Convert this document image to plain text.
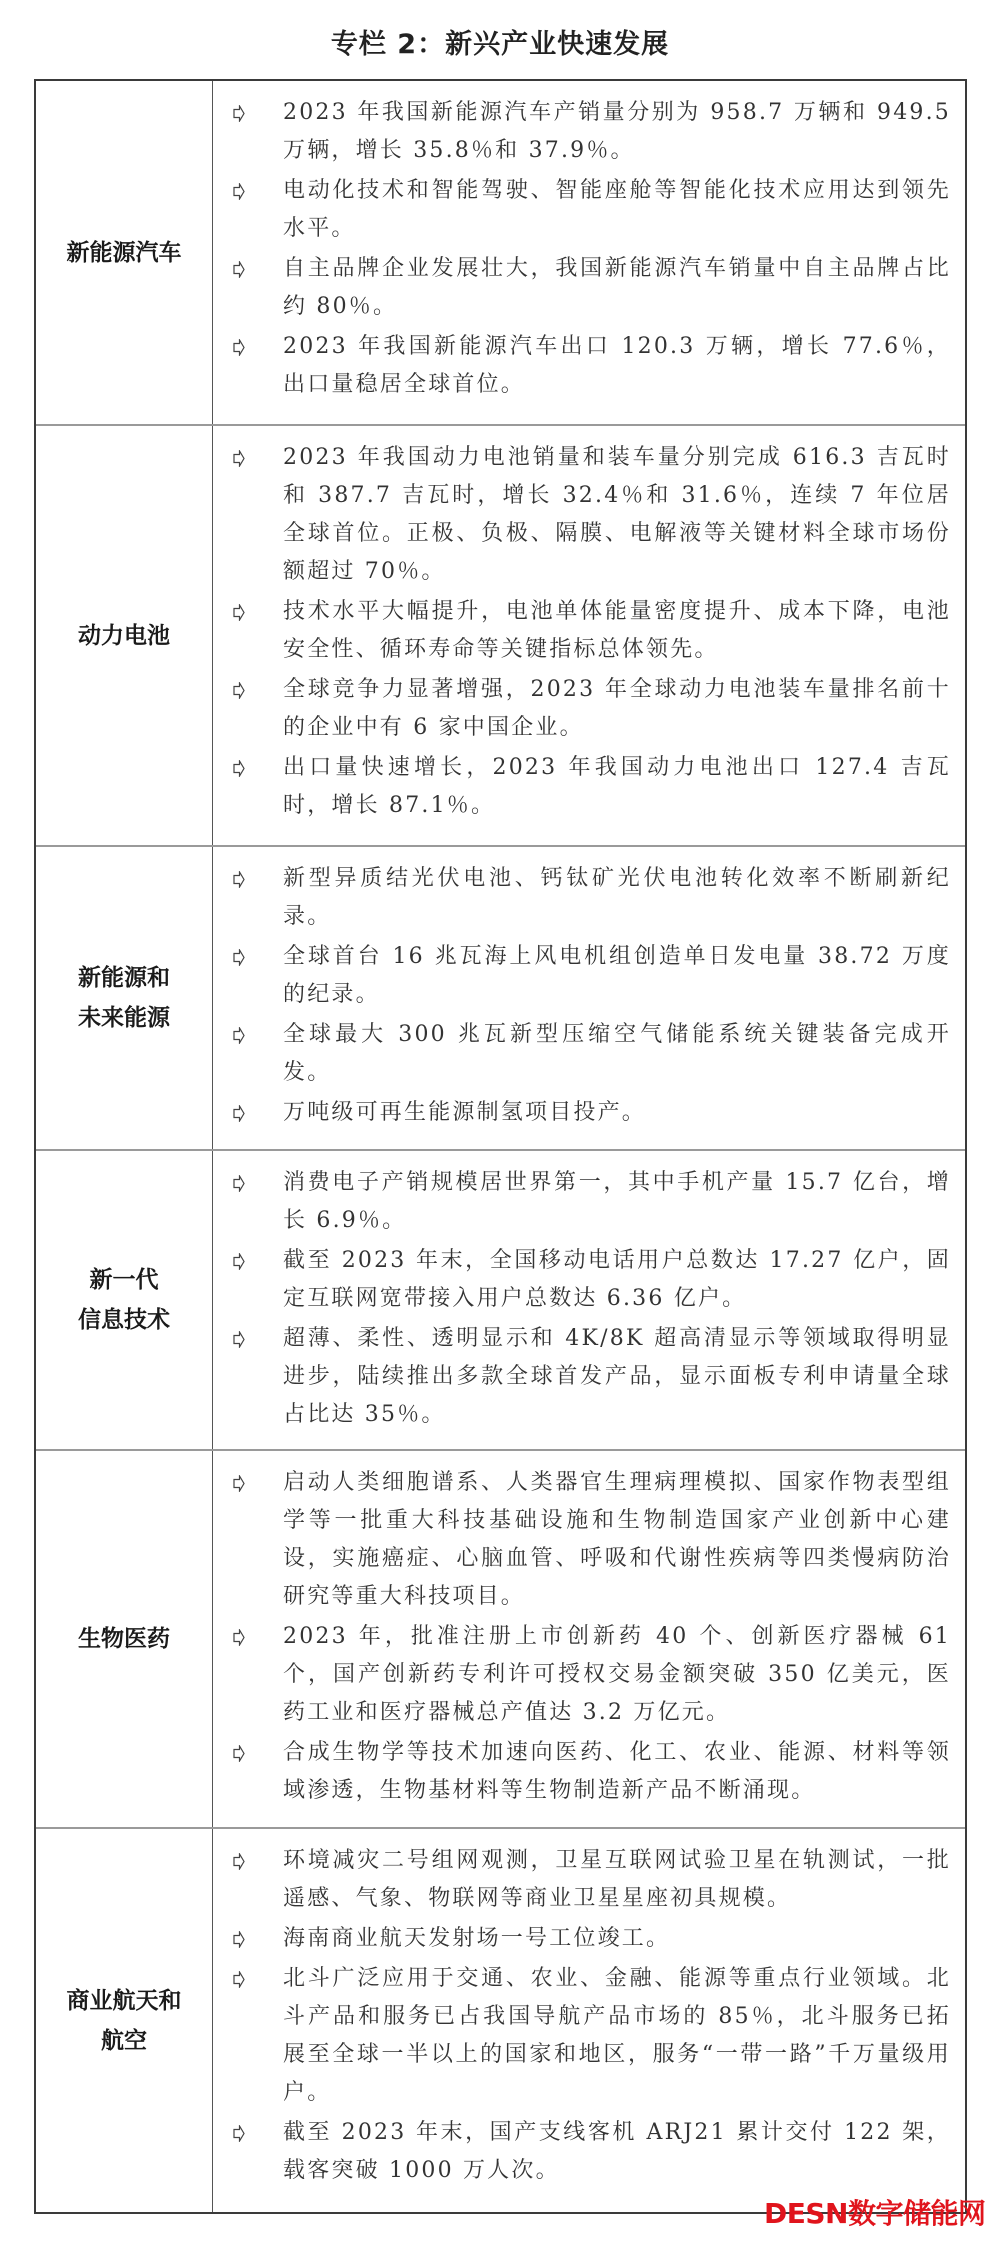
专栏 2：新兴产业快速发展
新能源汽车
2023 年我国新能源汽车产销量分别为 958.7 万辆和 949.5 万辆，增长 35.8％和 37.9％。
电动化技术和智能驾驶、智能座舱等智能化技术应用达到领先水平。
自主品牌企业发展壮大，我国新能源汽车销量中自主品牌占比约 80％。
2023 年我国新能源汽车出口 120.3 万辆，增长 77.6％，出口量稳居全球首位。
动力电池
2023 年我国动力电池销量和装车量分别完成 616.3 吉瓦时和 387.7 吉瓦时，增长 32.4％和 31.6％，连续 7 年位居全球首位。正极、负极、隔膜、电解液等关键材料全球市场份额超过 70％。
技术水平大幅提升，电池单体能量密度提升、成本下降，电池安全性、循环寿命等关键指标总体领先。
全球竞争力显著增强，2023 年全球动力电池装车量排名前十的企业中有 6 家中国企业。
出口量快速增长，2023 年我国动力电池出口 127.4 吉瓦时，增长 87.1％。
新能源和
未来能源
新型异质结光伏电池、钙钛矿光伏电池转化效率不断刷新纪录。
全球首台 16 兆瓦海上风电机组创造单日发电量 38.72 万度的纪录。
全球最大 300 兆瓦新型压缩空气储能系统关键装备完成开发。
万吨级可再生能源制氢项目投产。
新一代
信息技术
消费电子产销规模居世界第一，其中手机产量 15.7 亿台，增长 6.9％。
截至 2023 年末，全国移动电话用户总数达 17.27 亿户，固定互联网宽带接入用户总数达 6.36 亿户。
超薄、柔性、透明显示和 4K/8K 超高清显示等领域取得明显进步，陆续推出多款全球首发产品，显示面板专利申请量全球占比达 35％。
生物医药
启动人类细胞谱系、人类器官生理病理模拟、国家作物表型组学等一批重大科技基础设施和生物制造国家产业创新中心建设，实施癌症、心脑血管、呼吸和代谢性疾病等四类慢病防治研究等重大科技项目。
2023 年，批准注册上市创新药 40 个、创新医疗器械 61 个，国产创新药专利许可授权交易金额突破 350 亿美元，医药工业和医疗器械总产值达 3.2 万亿元。
合成生物学等技术加速向医药、化工、农业、能源、材料等领域渗透，生物基材料等生物制造新产品不断涌现。
商业航天和
航空
环境减灾二号组网观测，卫星互联网试验卫星在轨测试，一批遥感、气象、物联网等商业卫星星座初具规模。
海南商业航天发射场一号工位竣工。
北斗广泛应用于交通、农业、金融、能源等重点行业领域。北斗产品和服务已占我国导航产品市场的 85％，北斗服务已拓展至全球一半以上的国家和地区，服务“一带一路”千万量级用户。
截至 2023 年末，国产支线客机 ARJ21 累计交付 122 架，载客突破 1000 万人次。
DESN数字储能网
